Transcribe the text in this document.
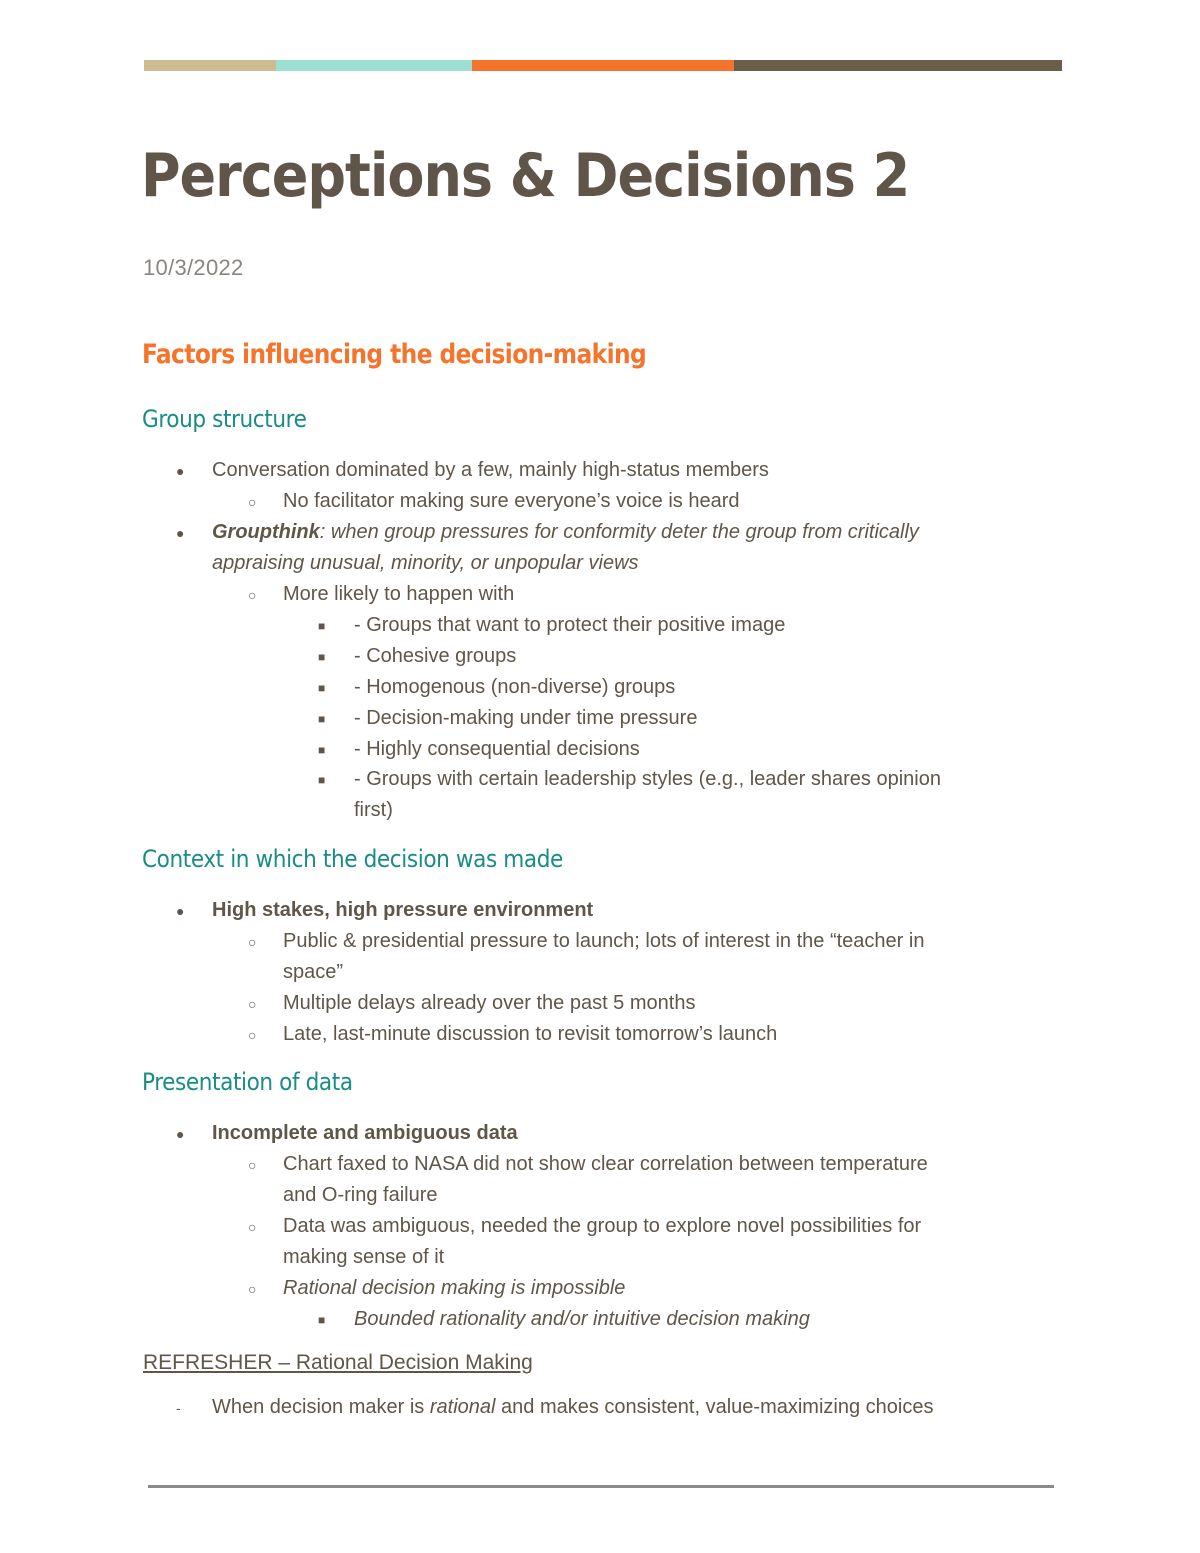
Perceptions & Decisions 2
10/3/2022
Factors influencing the decision-making
Group structure
● Conversation dominated by a few, mainly high-status members
○ No facilitator making sure everyone’s voice is heard
● Groupthink: when group pressures for conformity deter the group from critically
appraising unusual, minority, or unpopular views
○ More likely to happen with
■ - Groups that want to protect their positive image
■ - Cohesive groups
■ - Homogenous (non-diverse) groups
■ - Decision-making under time pressure
■ - Highly consequential decisions
■ - Groups with certain leadership styles (e.g., leader shares opinion
first)
Context in which the decision was made
● High stakes, high pressure environment
○ Public & presidential pressure to launch; lots of interest in the “teacher in
space”
○ Multiple delays already over the past 5 months
○ Late, last-minute discussion to revisit tomorrow’s launch
Presentation of data
● Incomplete and ambiguous data
○ Chart faxed to NASA did not show clear correlation between temperature
and O-ring failure
○ Data was ambiguous, needed the group to explore novel possibilities for
making sense of it
○ Rational decision making is impossible
■ Bounded rationality and/or intuitive decision making
REFRESHER – Rational Decision Making
- When decision maker is rational and makes consistent, value-maximizing choices
